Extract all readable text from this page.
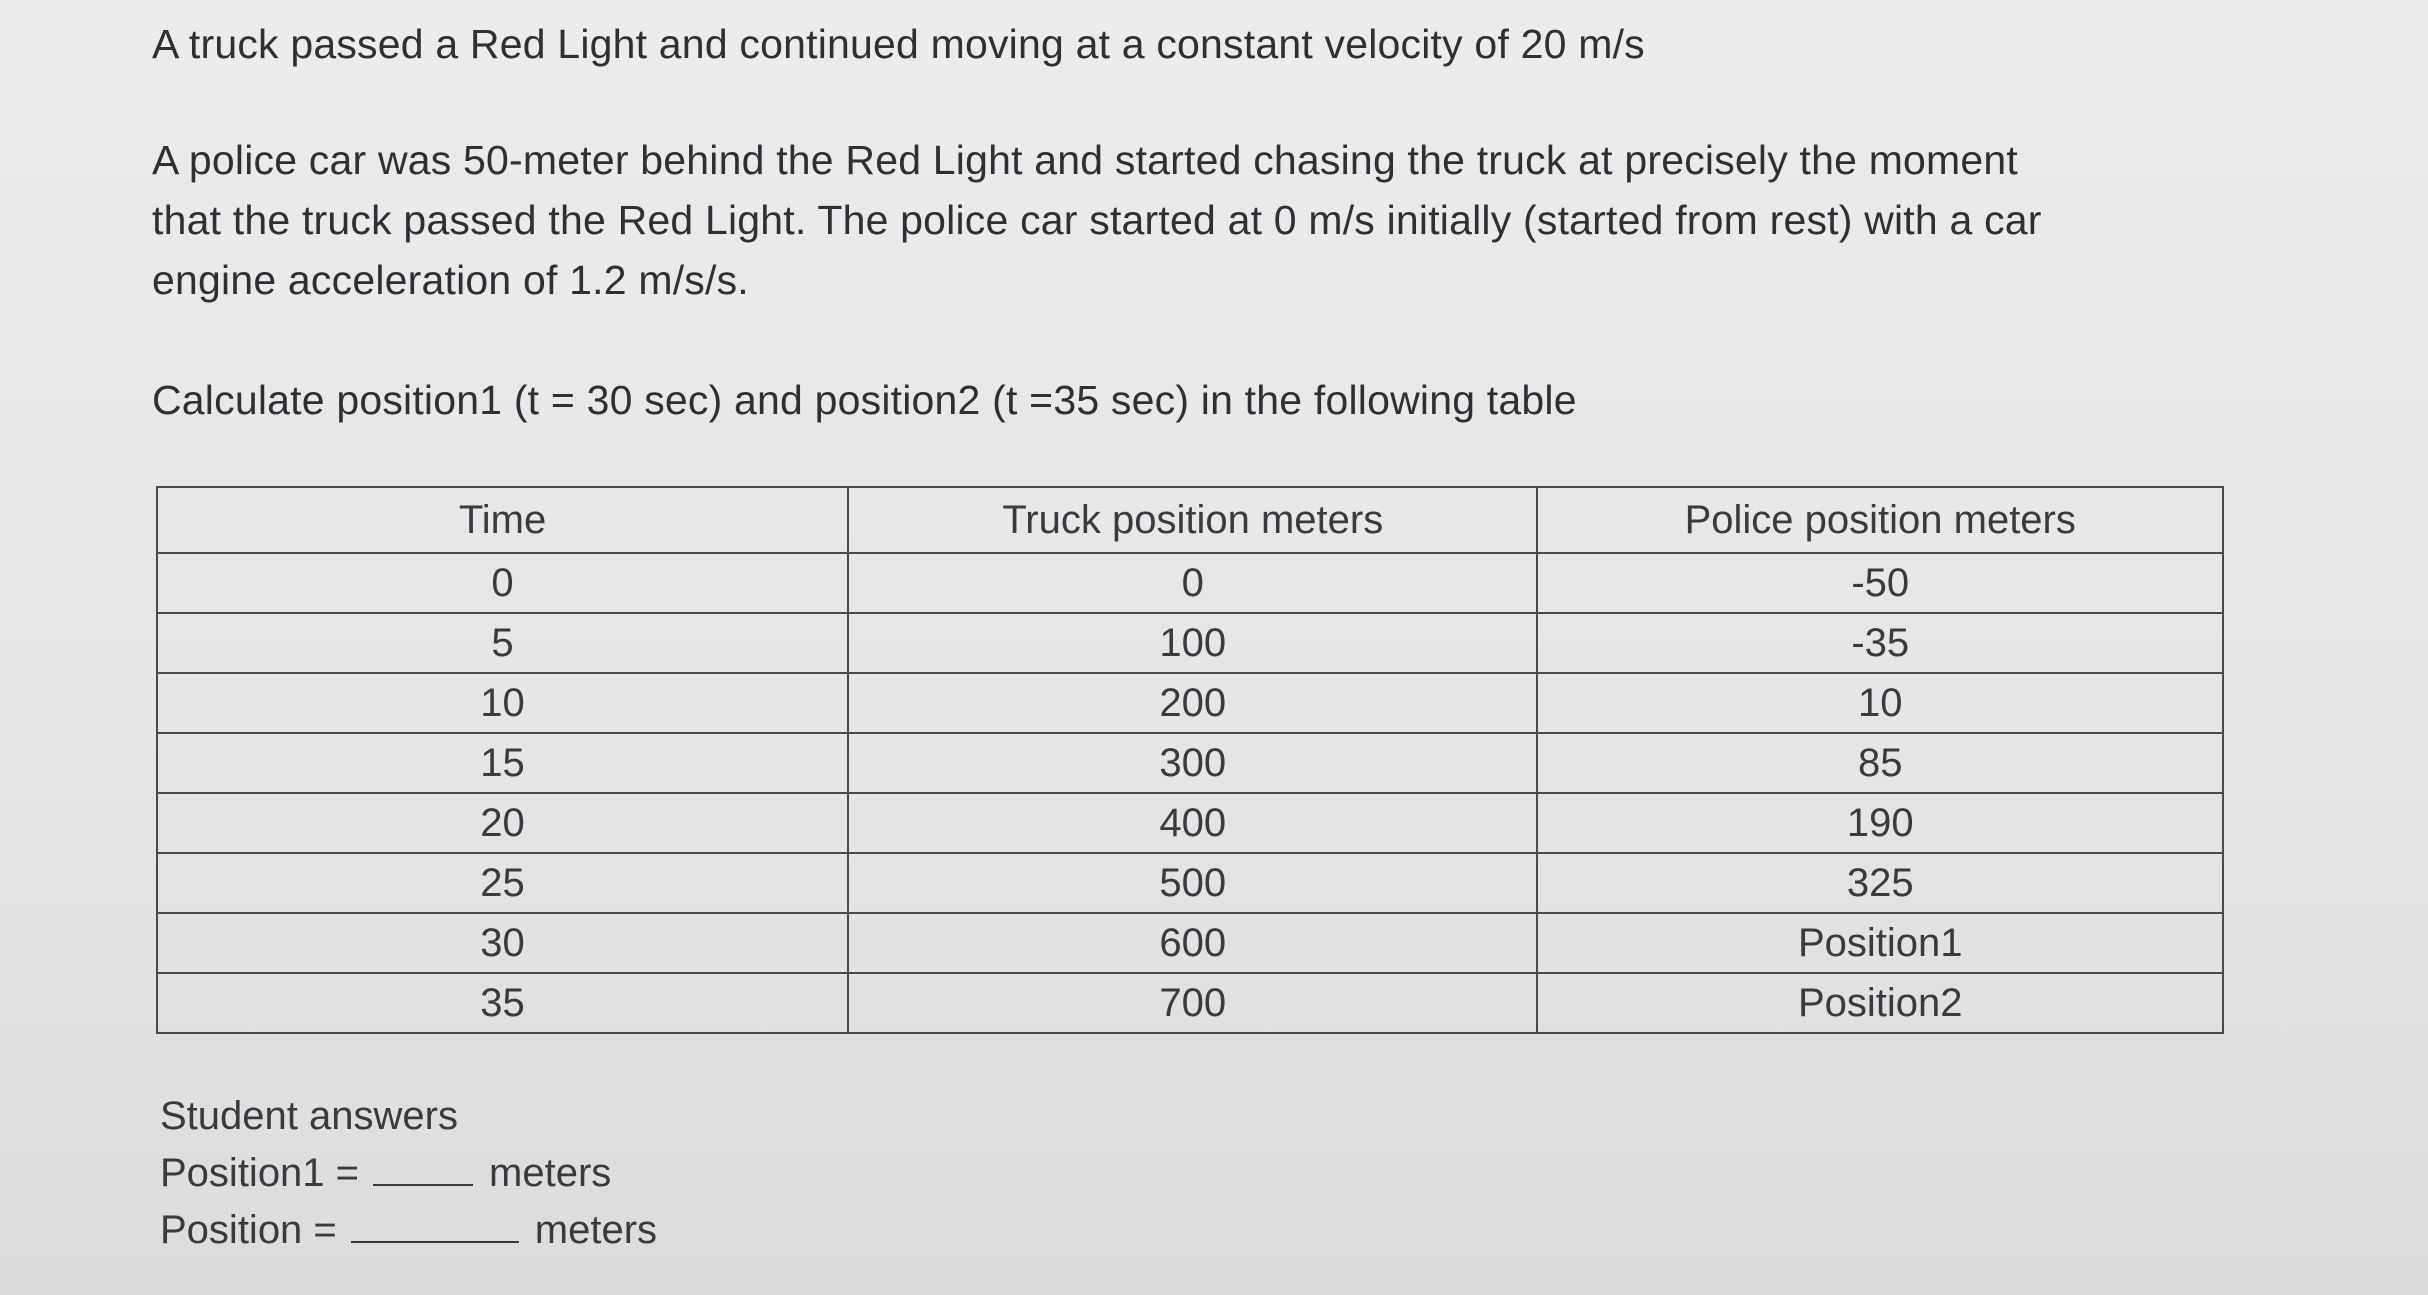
A truck passed a Red Light and continued moving at a constant velocity of 20 m/s

A police car was 50-meter behind the Red Light and started chasing the truck at precisely the moment
that the truck passed the Red Light. The police car started at 0 m/s initially (started from rest) with a car
engine acceleration of 1.2 m/s/s.

Calculate position1 (t = 30 sec) and position2 (t =35 sec) in the following table

Time	Truck position meters	Police position meters
0	0	-50
5	100	-35
10	200	10
15	300	85
20	400	190
25	500	325
30	600	Position1
35	700	Position2
Student answers
Position1 =	meters
Position =	meters
